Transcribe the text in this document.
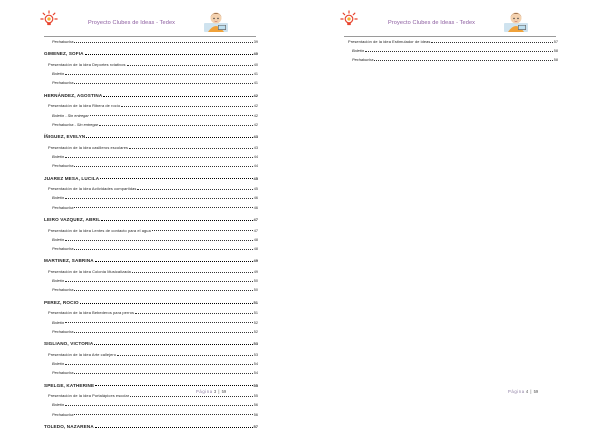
Proyecto Clubes de Ideas - Tedex
Pechakucha	39
GIMENEZ, SOFIA	40
Presentación de la idea Deportes rotativos	40
Boletín	41
Pechakucha	41
HERNÁNDEZ, AGOSTINA	42
Presentación de la idea Ribera de rocío	42
Boletín - Sin entregar	42
Pechakucha - Sin entregar	42
ÍÑIGUEZ, EVELYN	43
Presentación de la idea casilleros escolares	43
Boletín	44
Pechakucha	44
JUAREZ MESA, LUCILA	45
Presentación de la idea Actividades compartidas	45
Boletín	46
Pechakucha	46
LEIRO VAZQUEZ, ABRIL	47
Presentación de la idea Lentes de contacto para el agua	47
Boletín	48
Pechakucha	48
MARTINEZ, SABRINA	49
Presentación de la idea Colonia Musicalizada	49
Boletín	50
Pechakucha	50
PEREZ, ROCIO	51
Presentación de la idea Bebederos para perros	51
Boletín	52
Pechakucha	52
SIGLIANO, VICTORIA	53
Presentación de la idea Arte callejero	53
Boletín	54
Pechakucha	54
SPELGE, KATHERINE	55
Presentación de la idea Portalápices escolar	55
Boletín	56
Pechakucha	56
TOLEDO, NAZARENA	57
Página 3 | 59
Proyecto Clubes de Ideas - Tedex
Presentación de la idea Estimulador de ideas	57
Boletín	58
Pechakucha	58
Página 4 | 59
